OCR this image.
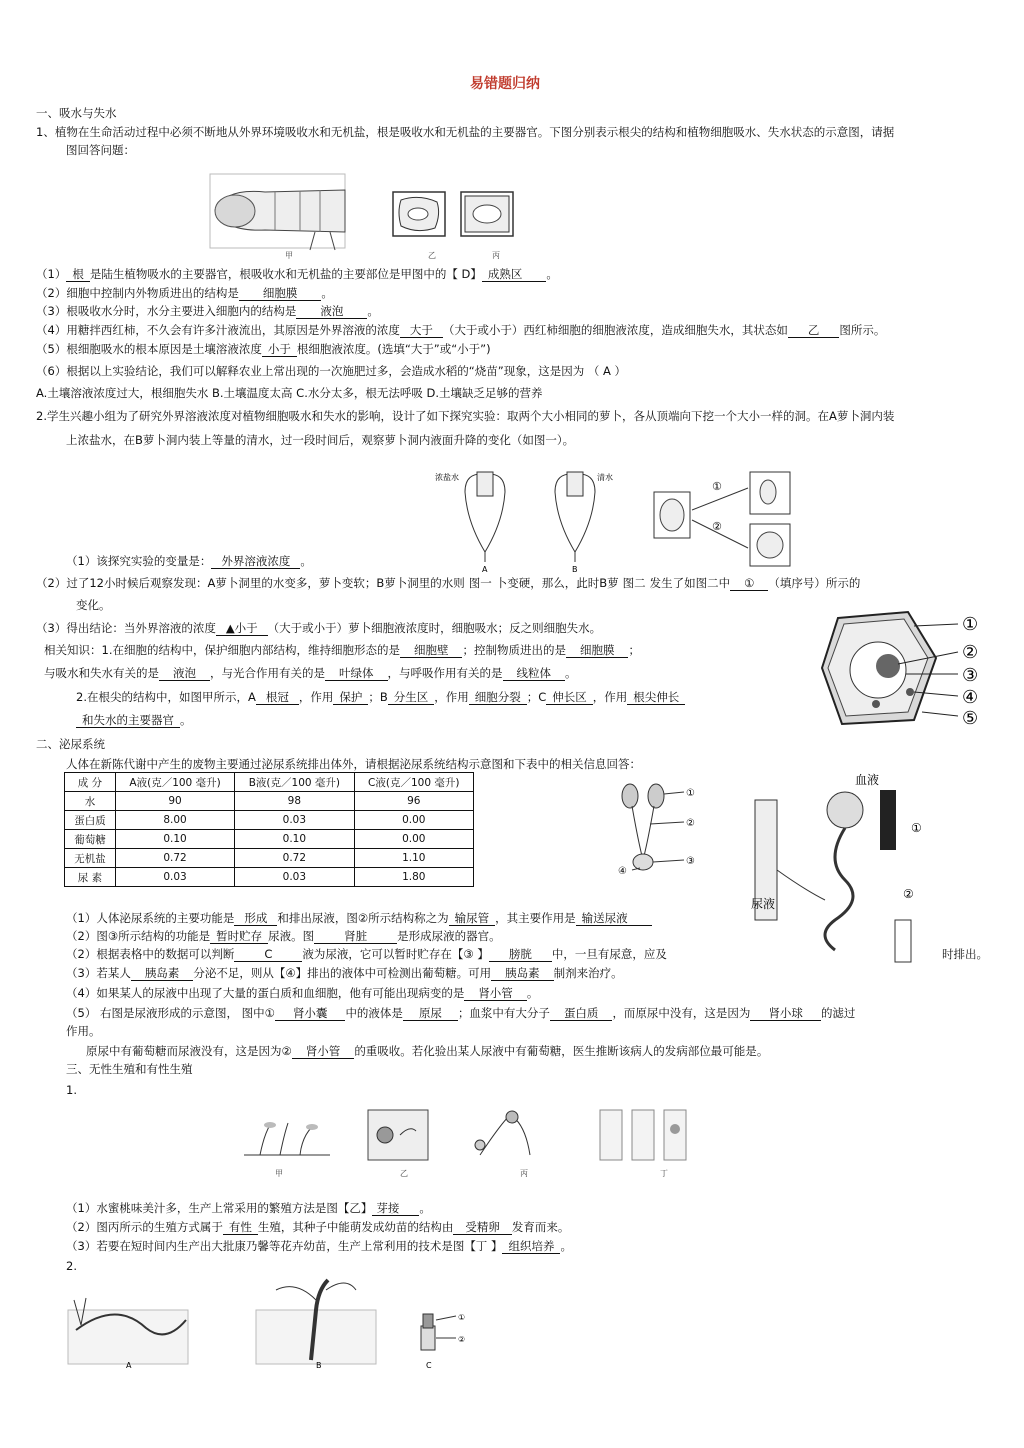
易错题归纳
一、吸水与失水
1、植物在生命活动过程中必须不断地从外界环境吸收水和无机盐，根是吸收水和无机盐的主要器官。下图分别表示根尖的结构和植物细胞吸水、失水状态的示意图，请据
图回答问题：
甲	乙	丙
（1） 根 是陆生植物吸水的主要器官，根吸收水和无机盐的主要部位是甲图中的【 D】 成熟区 。
（2）细胞中控制内外物质进出的结构是 细胞膜 。
（3）根吸收水分时，水分主要进入细胞内的结构是 液泡 。
（4）用糖拌西红柿，不久会有许多汁液流出，其原因是外界溶液的浓度 大于 （大于或小于）西红柿细胞的细胞液浓度，造成细胞失水，其状态如 乙 图所示。
（5）根细胞吸水的根本原因是土壤溶液浓度 小于 根细胞液浓度。(选填“大于”或“小于”)
（6）根据以上实验结论，我们可以解释农业上常出现的一次施肥过多，会造成水稻的“烧苗”现象，这是因为 （ A ）
A.土壤溶液浓度过大，根细胞失水 B.土壤温度太高 C.水分太多，根无法呼吸 D.土壤缺乏足够的营养
2.学生兴趣小组为了研究外界溶液浓度对植物细胞吸水和失水的影响，设计了如下探究实验：取两个大小相同的萝卜，各从顶端向下挖一个大小一样的洞。在A萝卜洞内装
上浓盐水，在B萝卜洞内装上等量的清水，过一段时间后，观察萝卜洞内液面升降的变化（如图一）。
浓盐水	清水
A	B
①
②
（1）该探究实验的变量是： 外界溶液浓度 。
（2）过了12小时候后观察发现：A萝卜洞里的水变多，萝卜变软；B萝卜洞里的水则 图一 卜变硬，那么，此时B萝 图二 发生了如图二中 ① （填序号）所示的
变化。
（3）得出结论：当外界溶液的浓度 ▲小于 （大于或小于）萝卜细胞液浓度时，细胞吸水；反之则细胞失水。
相关知识：1.在细胞的结构中，保护细胞内部结构，维持细胞形态的是 细胞壁 ；控制物质进出的是 细胞膜 ；
与吸水和失水有关的是 液泡 ，与光合作用有关的是 叶绿体 ，与呼吸作用有关的是 线粒体 。
2.在根尖的结构中，如图甲所示，A 根冠 ，作用 保护 ；B 分生区 ，作用 细胞分裂 ；C 伸长区 ，作用 根尖伸长
和失水的主要器官 。
①
②
③
④
⑤
二、泌尿系统
人体在新陈代谢中产生的废物主要通过泌尿系统排出体外，请根据泌尿系统结构示意图和下表中的相关信息回答：
成 分	A液(克／100 毫升)	B液(克／100 毫升)	C液(克／100 毫升)
水	90	98	96
蛋白质	8.00	0.03	0.00
葡萄糖	0.10	0.10	0.00
无机盐	0.72	0.72	1.10
尿 素	0.03	0.03	1.80
①
②
③
④
血液
①
②
尿液
（1）人体泌尿系统的主要功能是 形成 和排出尿液，图②所示结构称之为 输尿管 ，其主要作用是 输送尿液
（2）图③所示结构的功能是 暂时贮存 尿液。图	肾脏	是形成尿液的器官。
（2）根据表格中的数据可以判断	C	液为尿液，它可以暂时贮存在【③ 】 膀胱 中，一旦有尿意，应及	时排出。
（3）若某人 胰岛素 分泌不足，则从【④】排出的液体中可检测出葡萄糖。可用 胰岛素 制剂来治疗。
（4）如果某人的尿液中出现了大量的蛋白质和血细胞，他有可能出现病变的是 肾小管 。
（5） 右图是尿液形成的示意图， 图中① 肾小囊 中的液体是 原尿 ；血浆中有大分子 蛋白质 ，而原尿中没有，这是因为 肾小球 的滤过
作用。
原尿中有葡萄糖而尿液没有，这是因为② 肾小管 的重吸收。若化验出某人尿液中有葡萄糖，医生推断该病人的发病部位最可能是。
三、无性生殖和有性生殖
1.
甲	乙	丙	丁
（1）水蜜桃味美汁多，生产上常采用的繁殖方法是图【乙】 芽接 。
（2）图丙所示的生殖方式属于 有性 生殖，其种子中能萌发成幼苗的结构由 受精卵 发育而来。
（3）若要在短时间内生产出大批康乃馨等花卉幼苗，生产上常利用的技术是图【丁 】 组织培养 。
2.
A	B	C
①
②
